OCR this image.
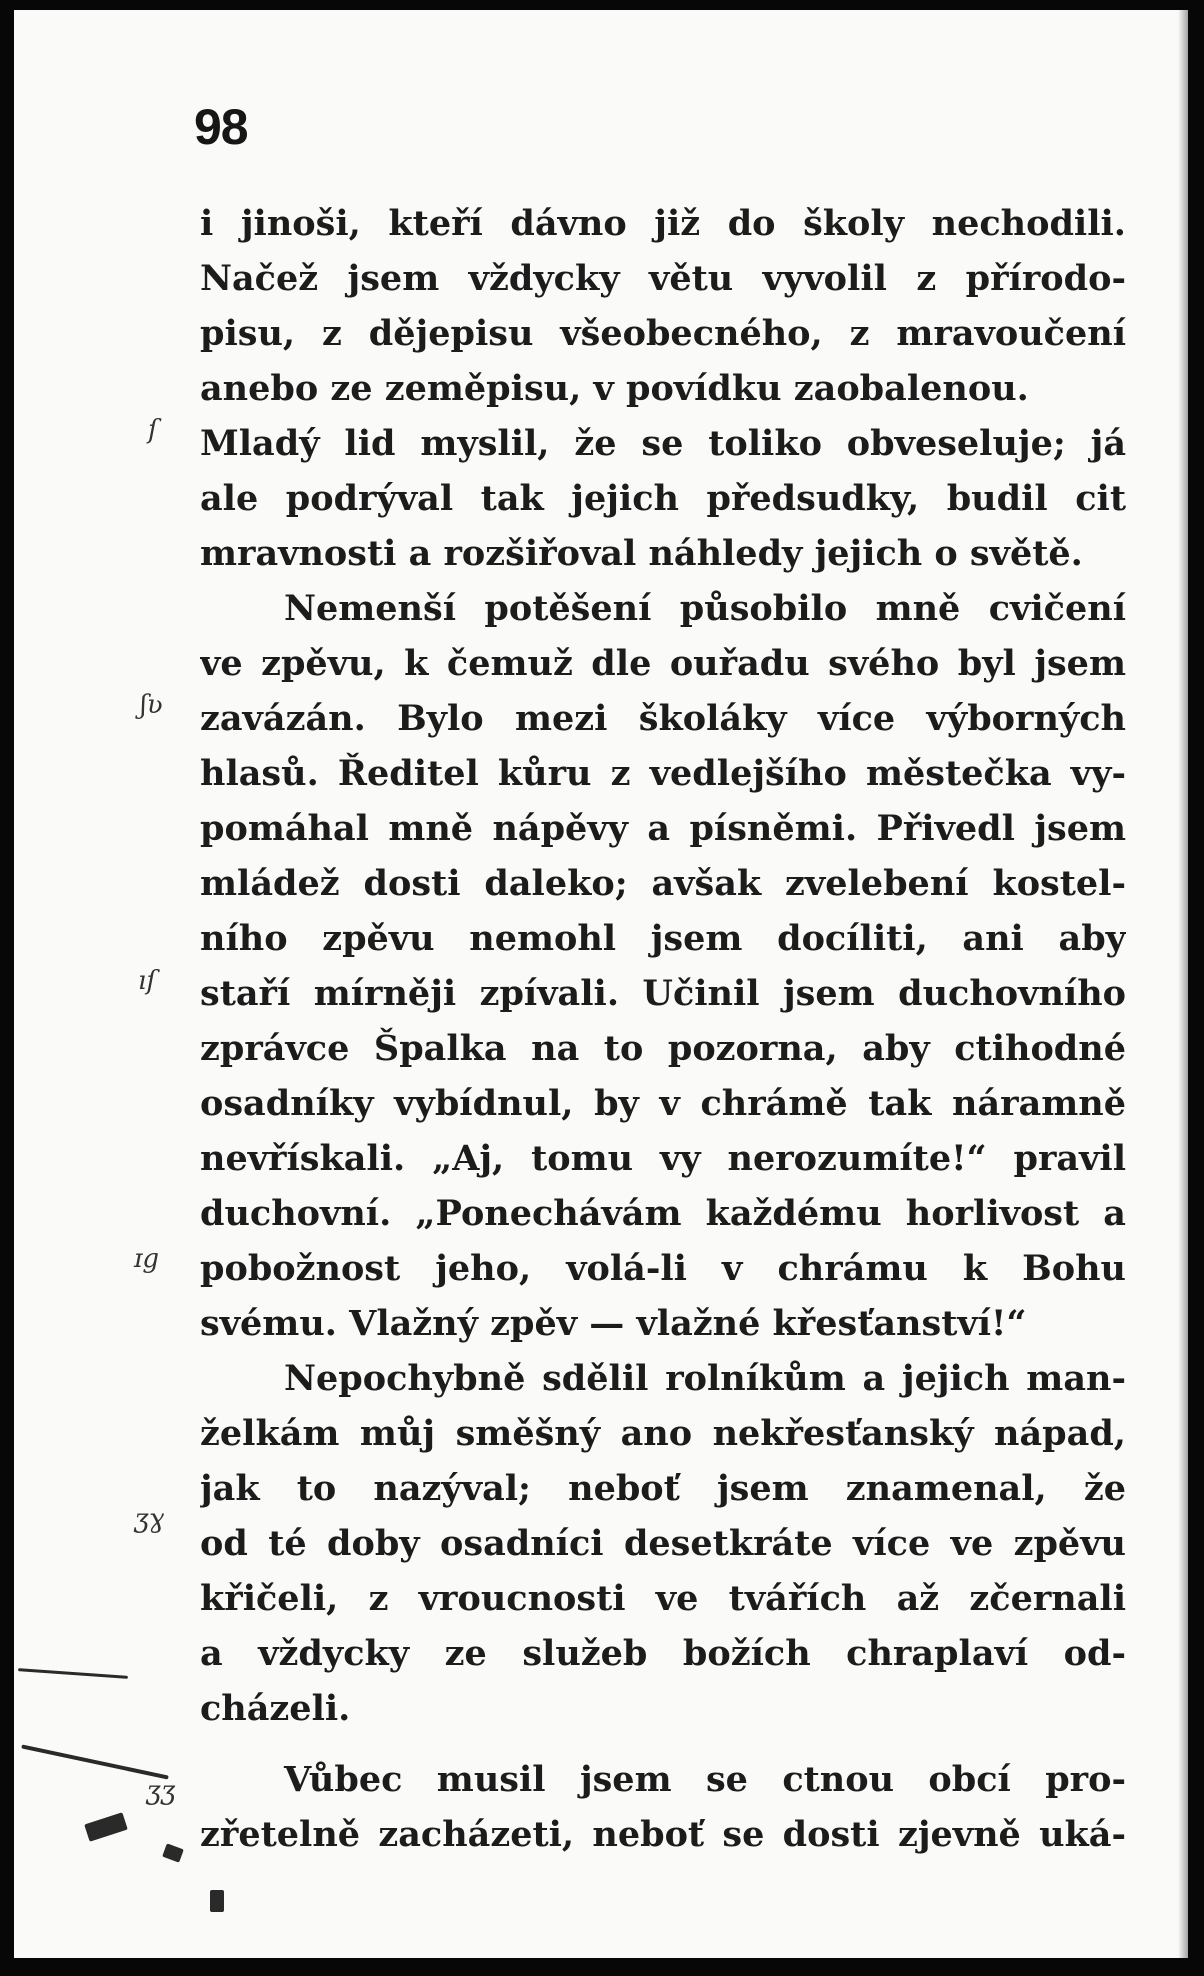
98
i jinoši, kteří dávno již do školy nechodili.
Načež jsem vždycky větu vyvolil z přírodo-
pisu, z dějepisu všeobecného, z mravoučení
anebo ze zeměpisu, v povídku zaobalenou.
Mladý lid myslil, že se toliko obveseluje; já
ale podrýval tak jejich předsudky, budil cit
mravnosti a rozšiřoval náhledy jejich o světě.
Nemenší potěšení působilo mně cvičení
ve zpěvu, k čemuž dle ouřadu svého byl jsem
zavázán. Bylo mezi školáky více výborných
hlasů. Ředitel kůru z vedlejšího městečka vy-
pomáhal mně nápěvy a písněmi. Přivedl jsem
mládež dosti daleko; avšak zvelebení kostel-
ního zpěvu nemohl jsem docíliti, ani aby
staří mírněji zpívali. Učinil jsem duchovního
zprávce Špalka na to pozorna, aby ctihodné
osadníky vybídnul, by v chrámě tak náramně
nevřískali. „Aj, tomu vy nerozumíte!“ pravil
duchovní. „Ponechávám každému horlivost a
pobožnost jeho, volá-li v chrámu k Bohu
svému. Vlažný zpěv — vlažné křesťanství!“
Nepochybně sdělil rolníkům a jejich man-
želkám můj směšný ano nekřesťanský nápad,
jak to nazýval; neboť jsem znamenal, že
od té doby osadníci desetkráte více ve zpěvu
křičeli, z vroucnosti ve tvářích až zčernali
a vždycky ze služeb božích chraplaví od-
cházeli.
Vůbec musil jsem se ctnou obcí pro-
zřetelně zacházeti, neboť se dosti zjevně uká-
ſ
ʃʋ
ıſ
ɪg
ʒɣ
ʒʒ
